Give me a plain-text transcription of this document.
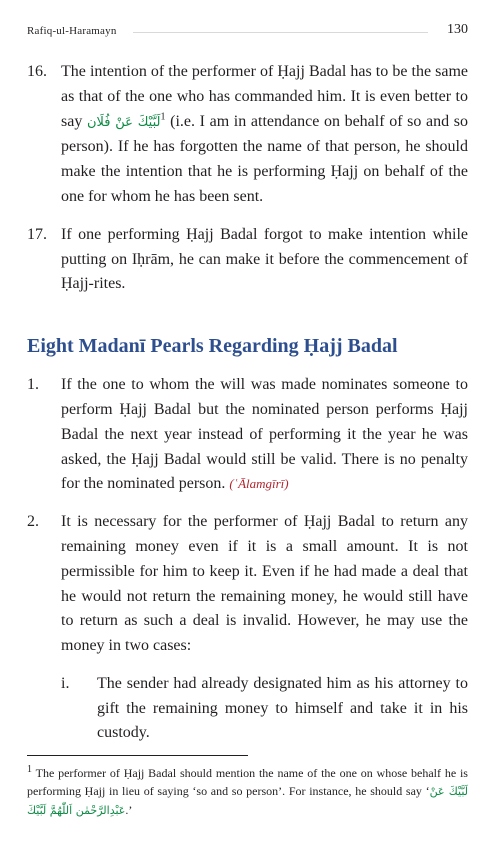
Rafiq-ul-Haramayn	130
16. The intention of the performer of Ḥajj Badal has to be the same as that of the one who has commanded him. It is even better to say لَبَّيْكَ عَنْ فُلَان$^1$ (i.e. I am in attendance on behalf of so and so person). If he has forgotten the name of that person, he should make the intention that he is performing Ḥajj on behalf of the one for whom he has been sent.
17. If one performing Ḥajj Badal forgot to make intention while putting on Iḥrām, he can make it before the commencement of Ḥajj-rites.
Eight Madanī Pearls Regarding Ḥajj Badal
1. If the one to whom the will was made nominates someone to perform Ḥajj Badal but the nominated person performs Ḥajj Badal the next year instead of performing it the year he was asked, the Ḥajj Badal would still be valid. There is no penalty for the nominated person. (ʿĀlamgīrī)
2. It is necessary for the performer of Ḥajj Badal to return any remaining money even if it is a small amount. It is not permissible for him to keep it. Even if he had made a deal that he would not return the remaining money, he would still have to return as such a deal is invalid. However, he may use the money in two cases:
i. The sender had already designated him as his attorney to gift the remaining money to himself and take it in his custody.
$^1$ The performer of Ḥajj Badal should mention the name of the one on whose behalf he is performing Ḥajj in lieu of saying ‘so and so person’. For instance, he should say ‘لَبَّيْكَ عَنْ عَبْدِالرَّحْمٰن اَللّٰهُمَّ لَبَّيْكَ.’
